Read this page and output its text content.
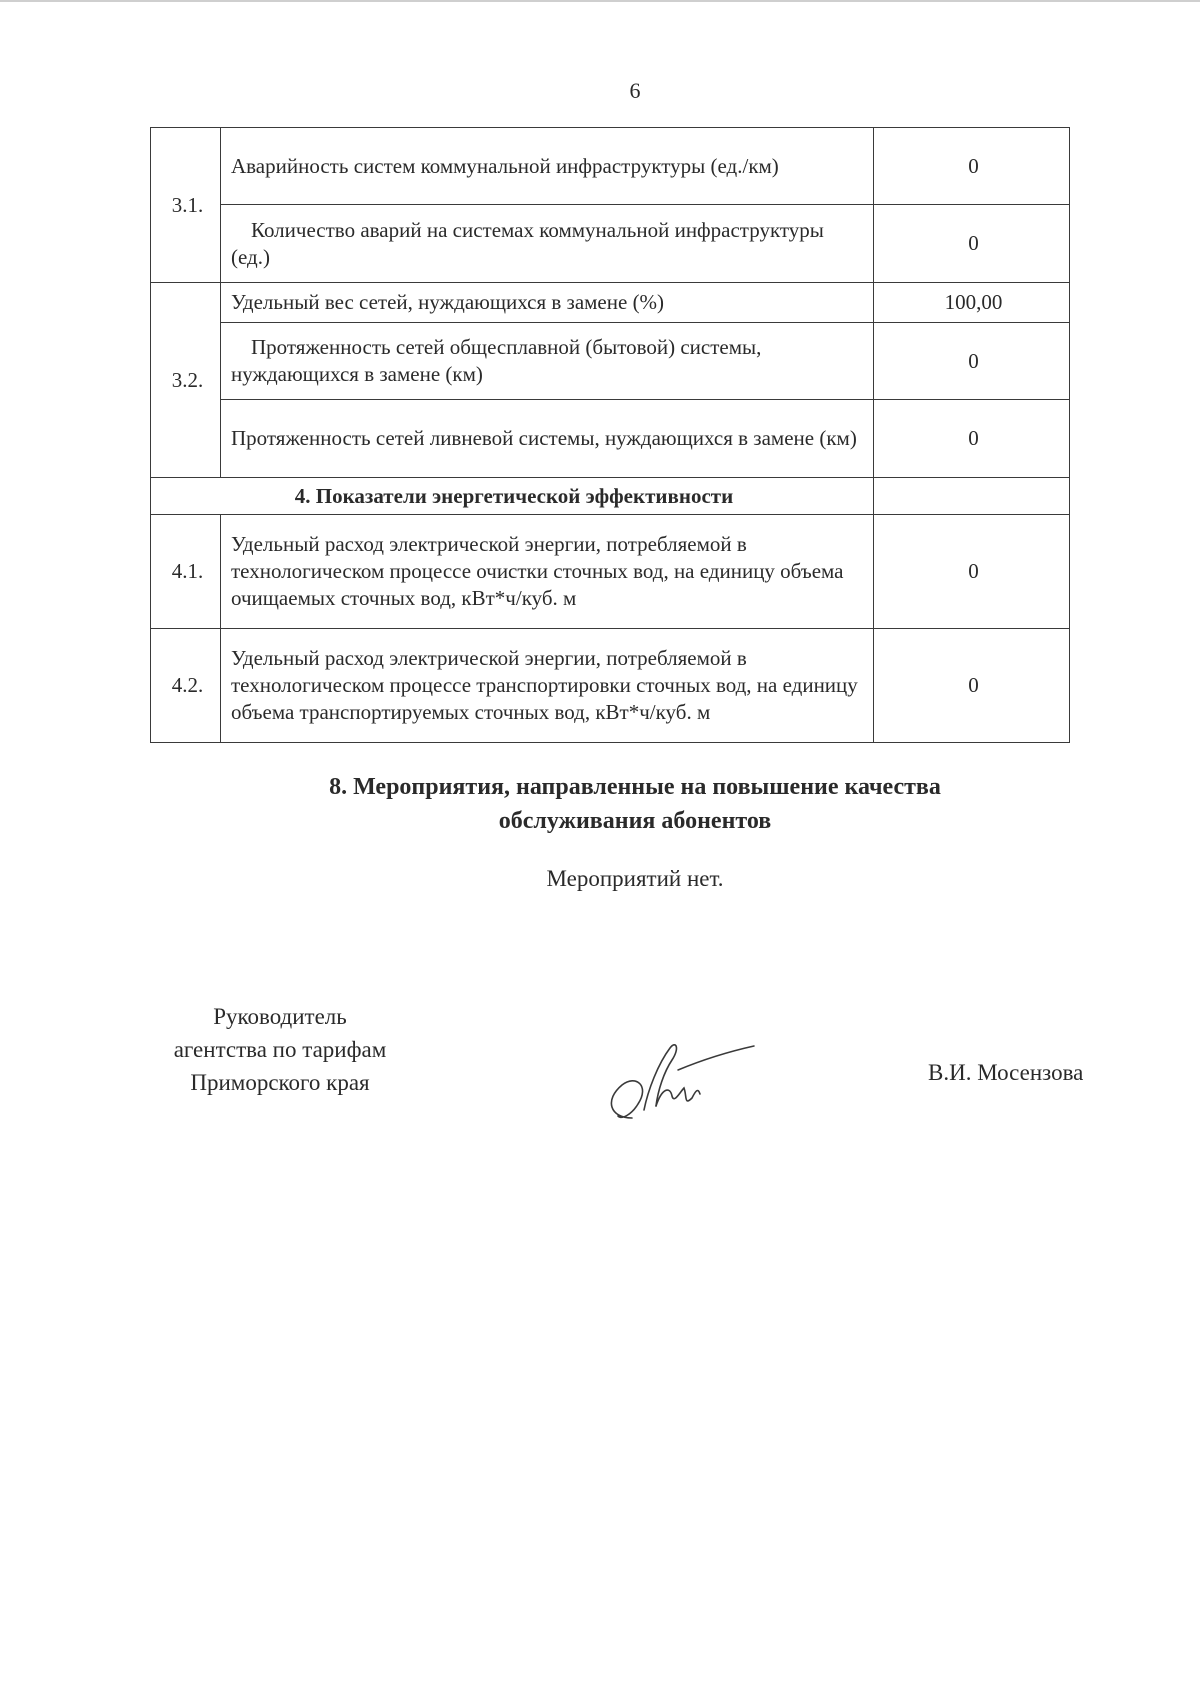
6
3.1.	Аварийность систем коммунальной инфраструктуры (ед./км)	0
	Количество аварий на системах коммунальной инфраструктуры (ед.)	0
3.2.	Удельный вес сетей, нуждающихся в замене (%)	100,00
	Протяженность сетей общесплавной (бытовой) системы, нуждающихся в замене (км)	0
	Протяженность сетей ливневой системы, нуждающихся в замене (км)	0
4. Показатели энергетической эффективности		
4.1.	Удельный расход электрической энергии, потребляемой в технологическом процессе очистки сточных вод, на единицу объема очищаемых сточных вод, кВт*ч/куб. м	0
4.2.	Удельный расход электрической энергии, потребляемой в технологическом процессе транспортировки сточных вод, на единицу объема транспортируемых сточных вод, кВт*ч/куб. м	0
8. Мероприятия, направленные на повышение качества
обслуживания абонентов
Мероприятий нет.
Руководитель
агентства по тарифам
Приморского края	В.И. Мосензова
